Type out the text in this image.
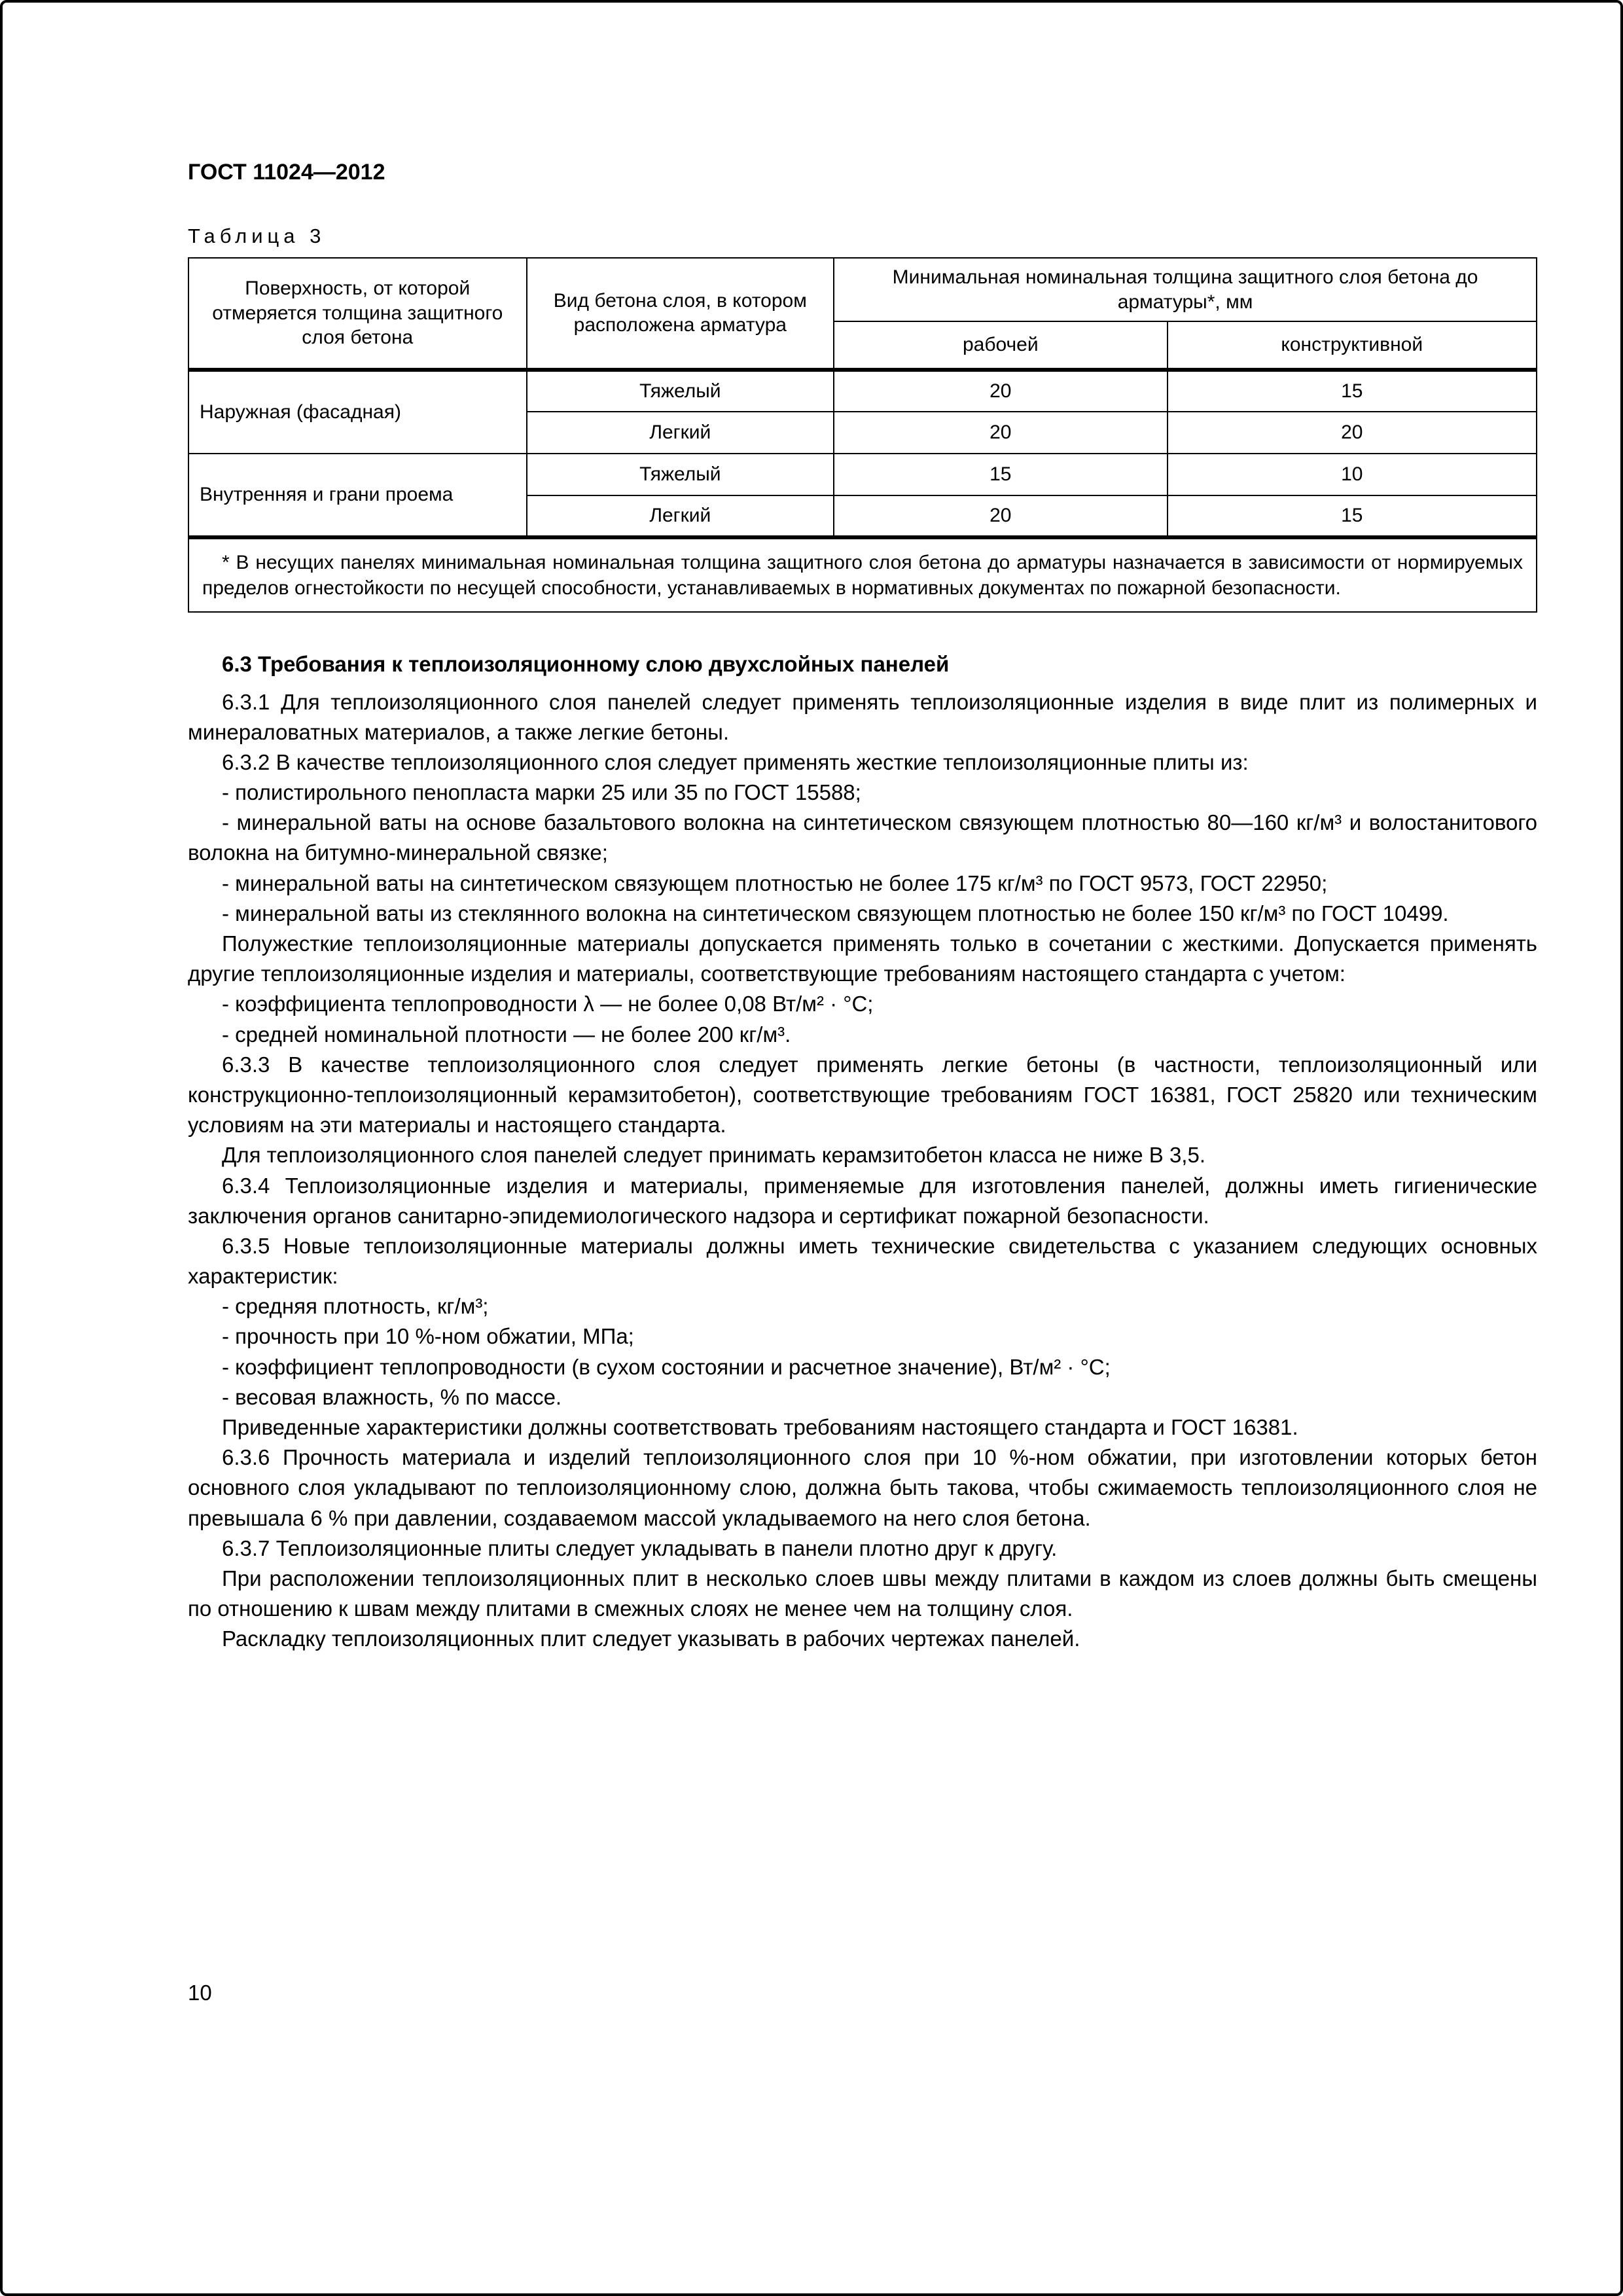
ГОСТ 11024—2012
Таблица 3
Поверхность, от которой отмеряется толщина защитного слоя бетона	Вид бетона слоя, в котором расположена арматура	Минимальная номинальная толщина защитного слоя бетона до арматуры*, мм	
		рабочей	конструктивной
Наружная (фасадная)	Тяжелый	20	15
	Легкий	20	20
Внутренняя и грани проема	Тяжелый	15	10
	Легкий	20	15
* В несущих панелях минимальная номинальная толщина защитного слоя бетона до арматуры назначается в зависимости от нормируемых пределов огнестойкости по несущей способности, устанавливаемых в нормативных документах по пожарной безопасности.			
6.3 Требования к теплоизоляционному слою двухслойных панелей

6.3.1 Для теплоизоляционного слоя панелей следует применять теплоизоляционные изделия в виде плит из полимерных и минераловатных материалов, а также легкие бетоны.

6.3.2 В качестве теплоизоляционного слоя следует применять жесткие теплоизоляционные плиты из:

- полистирольного пенопласта марки 25 или 35 по ГОСТ 15588;

- минеральной ваты на основе базальтового волокна на синтетическом связующем плотностью 80—160 кг/м³ и волостанитового волокна на битумно-минеральной связке;

- минеральной ваты на синтетическом связующем плотностью не более 175 кг/м³ по ГОСТ 9573, ГОСТ 22950;

- минеральной ваты из стеклянного волокна на синтетическом связующем плотностью не более 150 кг/м³ по ГОСТ 10499.

Полужесткие теплоизоляционные материалы допускается применять только в сочетании с жесткими. Допускается применять другие теплоизоляционные изделия и материалы, соответствующие требованиям настоящего стандарта с учетом:

- коэффициента теплопроводности λ — не более 0,08 Вт/м² · °С;

- средней номинальной плотности — не более 200 кг/м³.

6.3.3 В качестве теплоизоляционного слоя следует применять легкие бетоны (в частности, теплоизоляционный или конструкционно-теплоизоляционный керамзитобетон), соответствующие требованиям ГОСТ 16381, ГОСТ 25820 или техническим условиям на эти материалы и настоящего стандарта.

Для теплоизоляционного слоя панелей следует принимать керамзитобетон класса не ниже В 3,5.

6.3.4 Теплоизоляционные изделия и материалы, применяемые для изготовления панелей, должны иметь гигиенические заключения органов санитарно-эпидемиологического надзора и сертификат пожарной безопасности.

6.3.5 Новые теплоизоляционные материалы должны иметь технические свидетельства с указанием следующих основных характеристик:

- средняя плотность, кг/м³;

- прочность при 10 %-ном обжатии, МПа;

- коэффициент теплопроводности (в сухом состоянии и расчетное значение), Вт/м² · °С;

- весовая влажность, % по массе.

Приведенные характеристики должны соответствовать требованиям настоящего стандарта и ГОСТ 16381.

6.3.6 Прочность материала и изделий теплоизоляционного слоя при 10 %-ном обжатии, при изготовлении которых бетон основного слоя укладывают по теплоизоляционному слою, должна быть такова, чтобы сжимаемость теплоизоляционного слоя не превышала 6 % при давлении, создаваемом массой укладываемого на него слоя бетона.

6.3.7 Теплоизоляционные плиты следует укладывать в панели плотно друг к другу.

При расположении теплоизоляционных плит в несколько слоев швы между плитами в каждом из слоев должны быть смещены по отношению к швам между плитами в смежных слоях не менее чем на толщину слоя.

Раскладку теплоизоляционных плит следует указывать в рабочих чертежах панелей.

10
